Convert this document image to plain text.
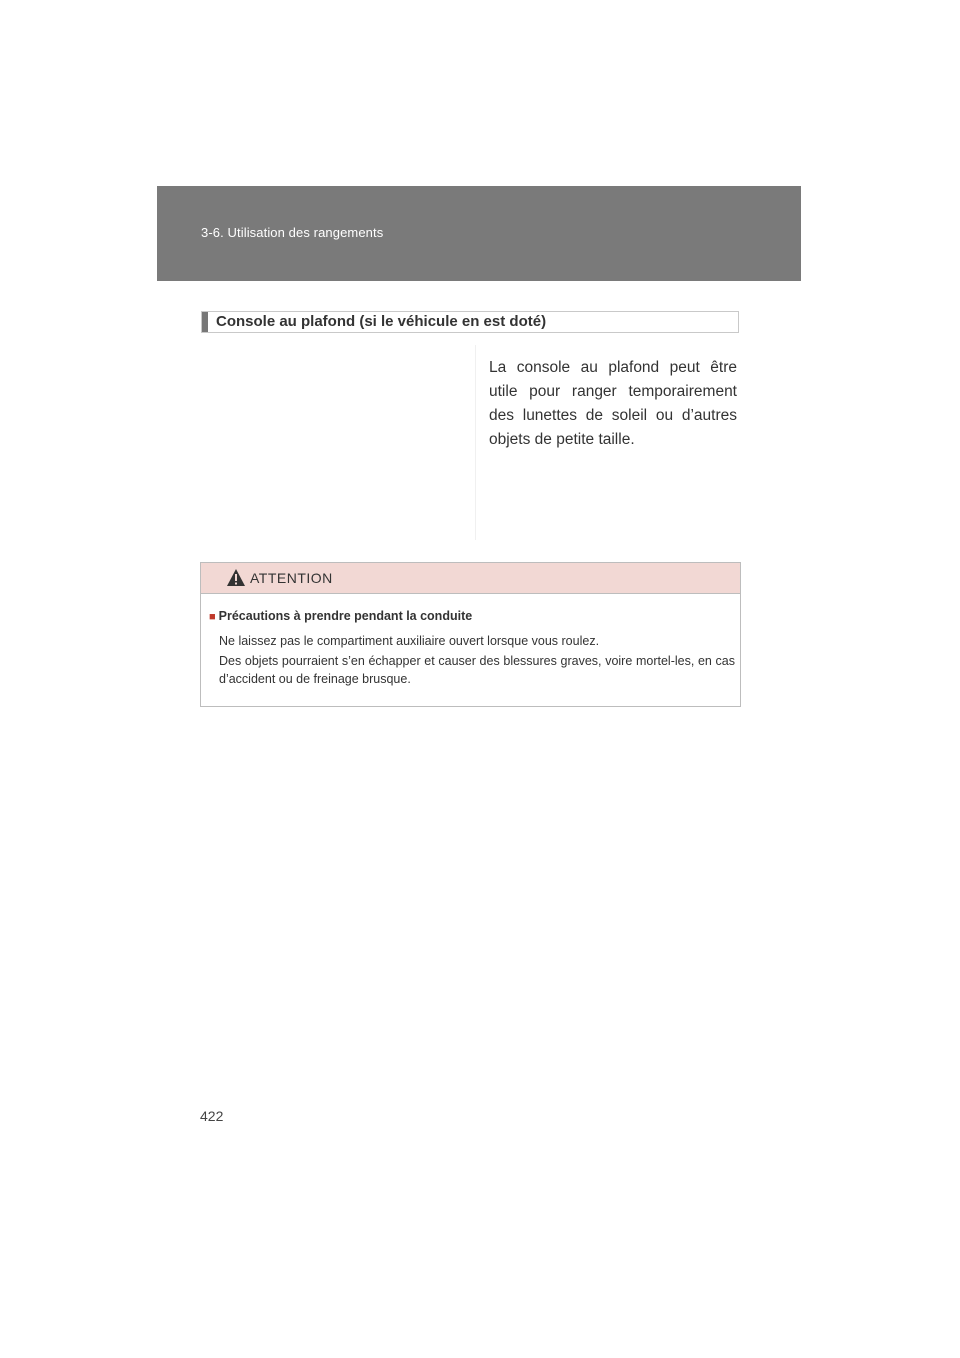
3-6. Utilisation des rangements
Console au plafond (si le véhicule en est doté)
La console au plafond peut être utile pour ranger temporairement des lunettes de soleil ou d’autres objets de petite taille.
ATTENTION
■ Précautions à prendre pendant la conduite
Ne laissez pas le compartiment auxiliaire ouvert lorsque vous roulez.
Des objets pourraient s’en échapper et causer des blessures graves, voire mortel-les, en cas d’accident ou de freinage brusque.
422
